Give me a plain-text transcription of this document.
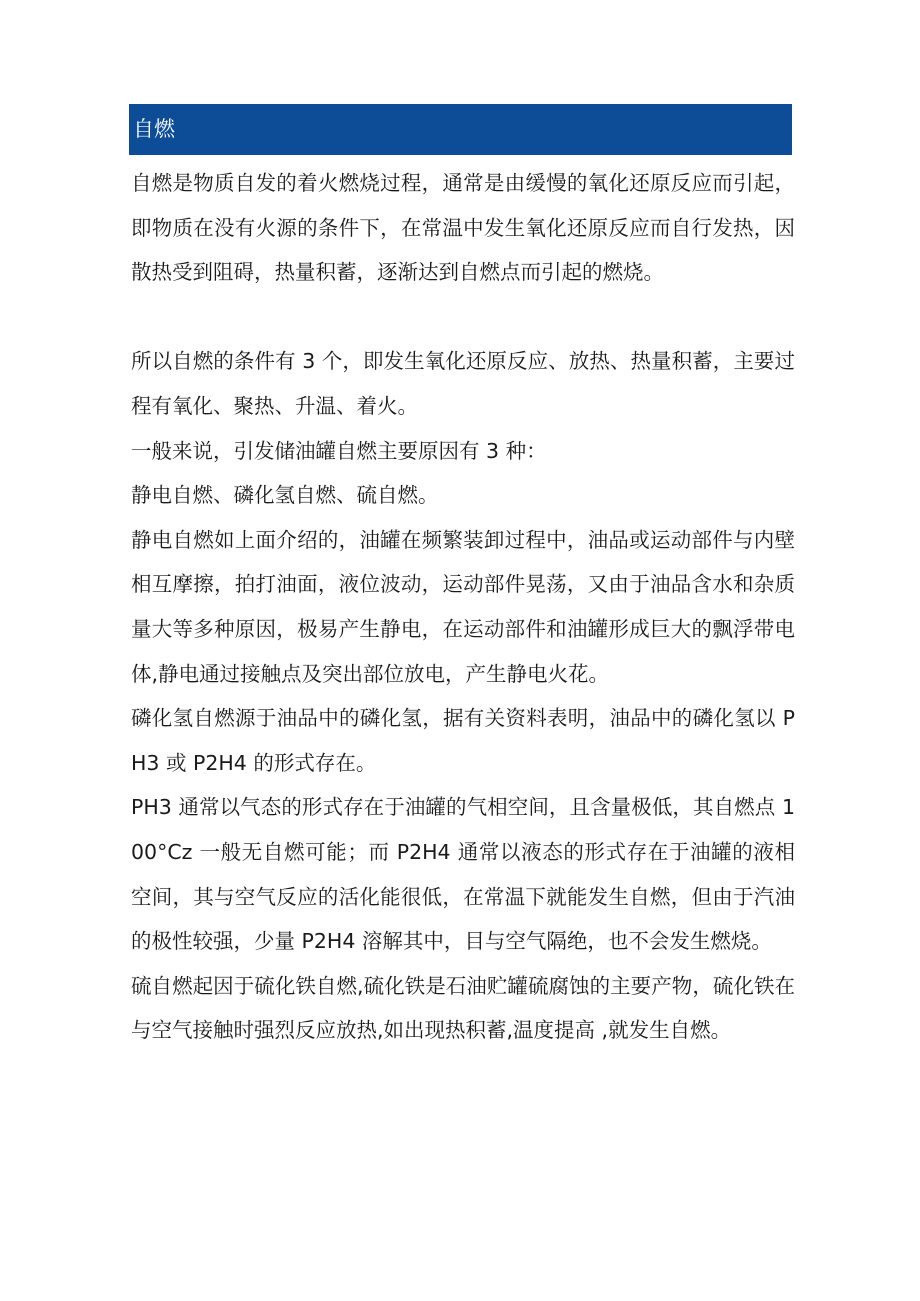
自燃

自燃是物质自发的着火燃烧过程，通常是由缓慢的氧化还原反应而引起，即物质在没有火源的条件下，在常温中发生氧化还原反应而自行发热，因散热受到阻碍，热量积蓄，逐渐达到自燃点而引起的燃烧。

所以自燃的条件有 3 个，即发生氧化还原反应、放热、热量积蓄，主要过程有氧化、聚热、升温、着火。

一般来说，引发储油罐自燃主要原因有 3 种：

静电自燃、磷化氢自燃、硫自燃。

静电自燃如上面介绍的，油罐在频繁装卸过程中，油品或运动部件与内壁相互摩擦，拍打油面，液位波动，运动部件晃荡，又由于油品含水和杂质量大等多种原因，极易产生静电，在运动部件和油罐形成巨大的飘浮带电体,静电通过接触点及突出部位放电，产生静电火花。

磷化氢自燃源于油品中的磷化氢，据有关资料表明，油品中的磷化氢以 PH3 或 P2H4 的形式存在。

PH3 通常以气态的形式存在于油罐的气相空间，且含量极低，其自燃点 100°Cz 一般无自燃可能；而 P2H4 通常以液态的形式存在于油罐的液相空间，其与空气反应的活化能很低，在常温下就能发生自燃，但由于汽油的极性较强，少量 P2H4 溶解其中，目与空气隔绝，也不会发生燃烧。

硫自燃起因于硫化铁自燃,硫化铁是石油贮罐硫腐蚀的主要产物，硫化铁在与空气接触时强烈反应放热,如出现热积蓄,温度提高 ,就发生自燃。
